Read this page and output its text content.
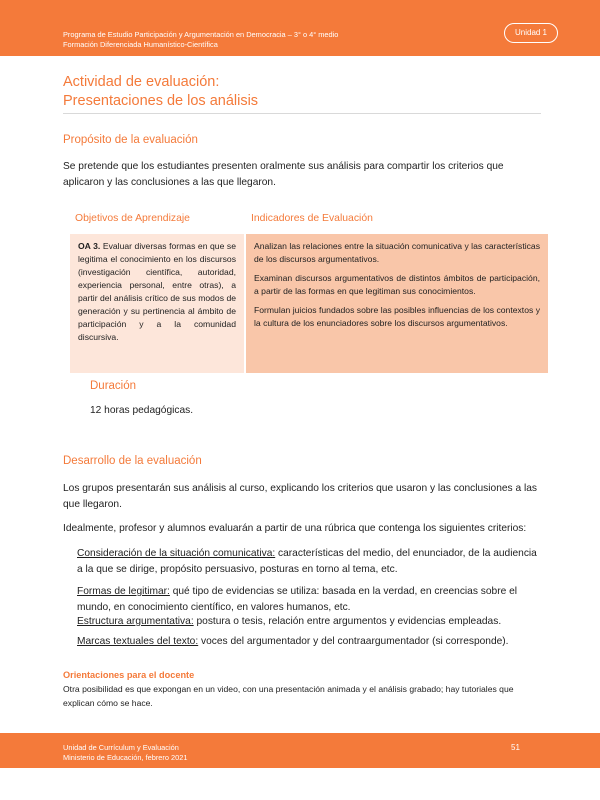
Programa de Estudio Participación y Argumentación en Democracia – 3° o 4° medio
Formación Diferenciada Humanístico-Científica
Unidad 1
Actividad de evaluación:
Presentaciones de los análisis
Propósito de la evaluación
Se pretende que los estudiantes presenten oralmente sus análisis para compartir los criterios que aplicaron y las conclusiones a las que llegaron.
Objetivos de Aprendizaje	Indicadores de Evaluación
OA 3. Evaluar diversas formas en que se legitima el conocimiento en los discursos (investigación científica, autoridad, experiencia personal, entre otras), a partir del análisis crítico de sus modos de generación y su pertinencia al ámbito de participación y a la comunidad discursiva.
Analizan las relaciones entre la situación comunicativa y las características de los discursos argumentativos.
Examinan discursos argumentativos de distintos ámbitos de participación, a partir de las formas en que legitiman sus conocimientos.
Formulan juicios fundados sobre las posibles influencias de los contextos y la cultura de los enunciadores sobre los discursos argumentativos.
Duración
12 horas pedagógicas.
Desarrollo de la evaluación
Los grupos presentarán sus análisis al curso, explicando los criterios que usaron y las conclusiones a las que llegaron.
Idealmente, profesor y alumnos evaluarán a partir de una rúbrica que contenga los siguientes criterios:
Consideración de la situación comunicativa: características del medio, del enunciador, de la audiencia a la que se dirige, propósito persuasivo, posturas en torno al tema, etc.
Formas de legitimar: qué tipo de evidencias se utiliza: basada en la verdad, en creencias sobre el mundo, en conocimiento científico, en valores humanos, etc.
Estructura argumentativa: postura o tesis, relación entre argumentos y evidencias empleadas.
Marcas textuales del texto: voces del argumentador y del contraargumentador (si corresponde).
Orientaciones para el docente
Otra posibilidad es que expongan en un video, con una presentación animada y el análisis grabado; hay tutoriales que explican cómo se hace.
Unidad de Currículum y Evaluación
Ministerio de Educación, febrero 2021
51
